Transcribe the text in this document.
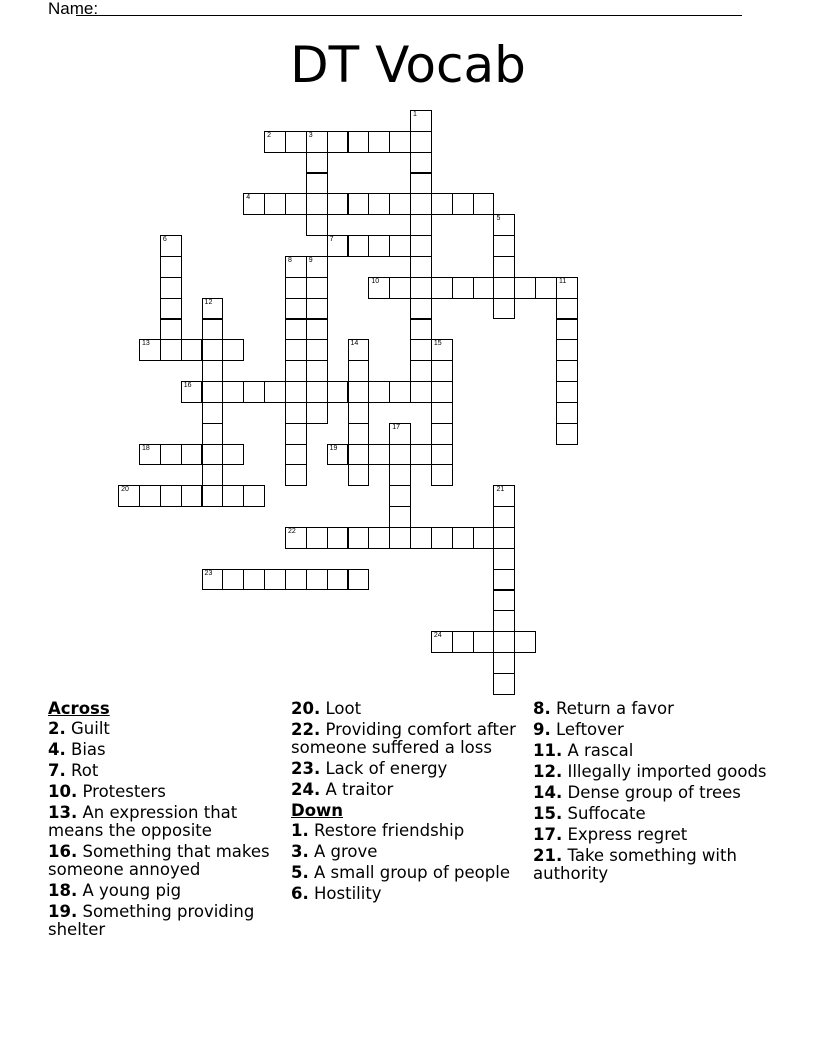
Name:
DT Vocab
1
2	3
4
5
6	7
8 9
10	11
12
13	14	15
16
17
18	19
20	21
22
23
24
Across
2. Guilt
4. Bias
7. Rot
10. Protesters
13. An expression that means the opposite
16. Something that makes someone annoyed
18. A young pig
19. Something providing shelter
20. Loot
22. Providing comfort after someone suffered a loss
23. Lack of energy
24. A traitor
Down
1. Restore friendship
3. A grove
5. A small group of people
6. Hostility
8. Return a favor
9. Leftover
11. A rascal
12. Illegally imported goods
14. Dense group of trees
15. Suffocate
17. Express regret
21. Take something with authority
